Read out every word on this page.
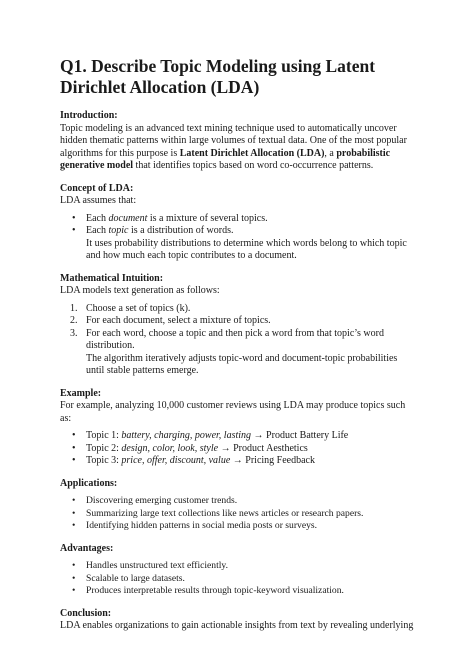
Q1. Describe Topic Modeling using Latent Dirichlet Allocation (LDA)
Introduction:

Topic modeling is an advanced text mining technique used to automatically uncover hidden thematic patterns within large volumes of textual data. One of the most popular algorithms for this purpose is Latent Dirichlet Allocation (LDA), a probabilistic generative model that identifies topics based on word co-occurrence patterns.

Concept of LDA:

LDA assumes that:

• Each document is a mixture of several topics.
• Each topic is a distribution of words.
It uses probability distributions to determine which words belong to which topic and how much each topic contributes to a document.
Mathematical Intuition:

LDA models text generation as follows:

1. Choose a set of topics (k).
2. For each document, select a mixture of topics.
3. For each word, choose a topic and then pick a word from that topic’s word distribution.
The algorithm iteratively adjusts topic-word and document-topic probabilities until stable patterns emerge.
Example:

For example, analyzing 10,000 customer reviews using LDA may produce topics such as:

• Topic 1: battery, charging, power, lasting → Product Battery Life
• Topic 2: design, color, look, style → Product Aesthetics
• Topic 3: price, offer, discount, value → Pricing Feedback
Applications:
• Discovering emerging customer trends.
• Summarizing large text collections like news articles or research papers.
• Identifying hidden patterns in social media posts or surveys.
Advantages:
• Handles unstructured text efficiently.
• Scalable to large datasets.
• Produces interpretable results through topic-keyword visualization.
Conclusion:

LDA enables organizations to gain actionable insights from text by revealing underlying
